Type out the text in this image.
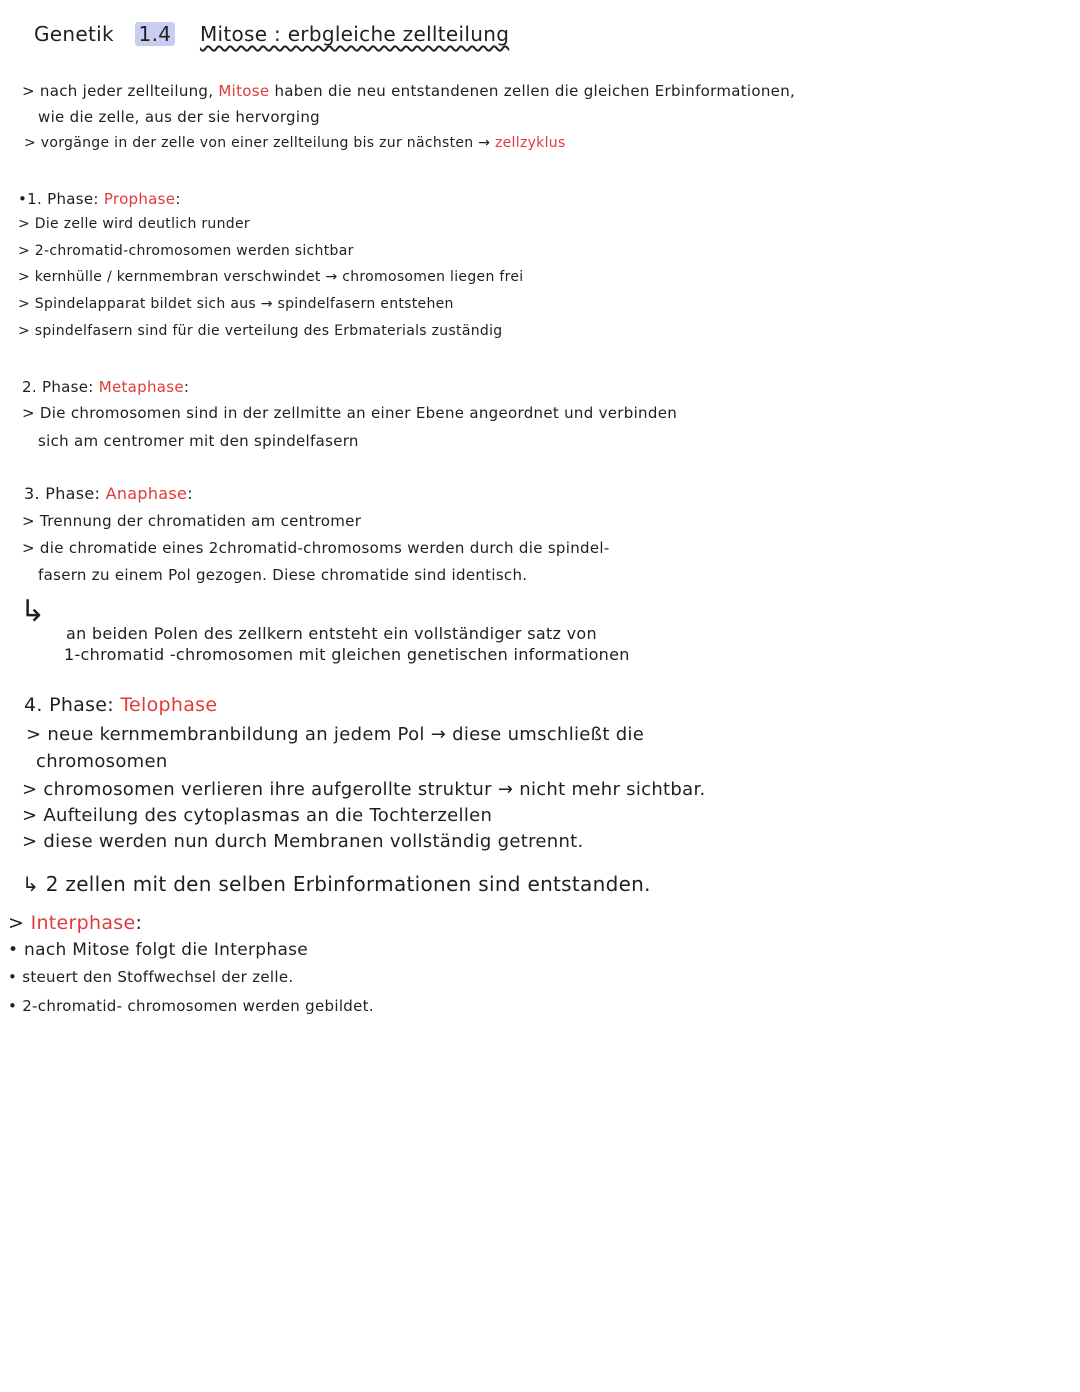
Genetik 1.4 Mitose : erbgleiche zellteilung
> nach jeder zellteilung, Mitose haben die neu entstandenen zellen die gleichen Erbinformationen,
wie die zelle, aus der sie hervorging
> vorgänge in der zelle von einer zellteilung bis zur nächsten → zellzyklus
•1. Phase: Prophase:
> Die zelle wird deutlich runder
> 2-chromatid-chromosomen werden sichtbar
> kernhülle / kernmembran verschwindet → chromosomen liegen frei
> Spindelapparat bildet sich aus → spindelfasern entstehen
> spindelfasern sind für die verteilung des Erbmaterials zuständig
2. Phase: Metaphase:
> Die chromosomen sind in der zellmitte an einer Ebene angeordnet und verbinden
sich am centromer mit den spindelfasern
3. Phase: Anaphase:
> Trennung der chromatiden am centromer
> die chromatide eines 2chromatid-chromosoms werden durch die spindel-
fasern zu einem Pol gezogen. Diese chromatide sind identisch.
↳
an beiden Polen des zellkern entsteht ein vollständiger satz von
1-chromatid -chromosomen mit gleichen genetischen informationen
4. Phase: Telophase
> neue kernmembranbildung an jedem Pol → diese umschließt die
chromosomen
> chromosomen verlieren ihre aufgerollte struktur → nicht mehr sichtbar.
> Aufteilung des cytoplasmas an die Tochterzellen
> diese werden nun durch Membranen vollständig getrennt.
↳ 2 zellen mit den selben Erbinformationen sind entstanden.
> Interphase:
• nach Mitose folgt die Interphase
• steuert den Stoffwechsel der zelle.
• 2-chromatid- chromosomen werden gebildet.
